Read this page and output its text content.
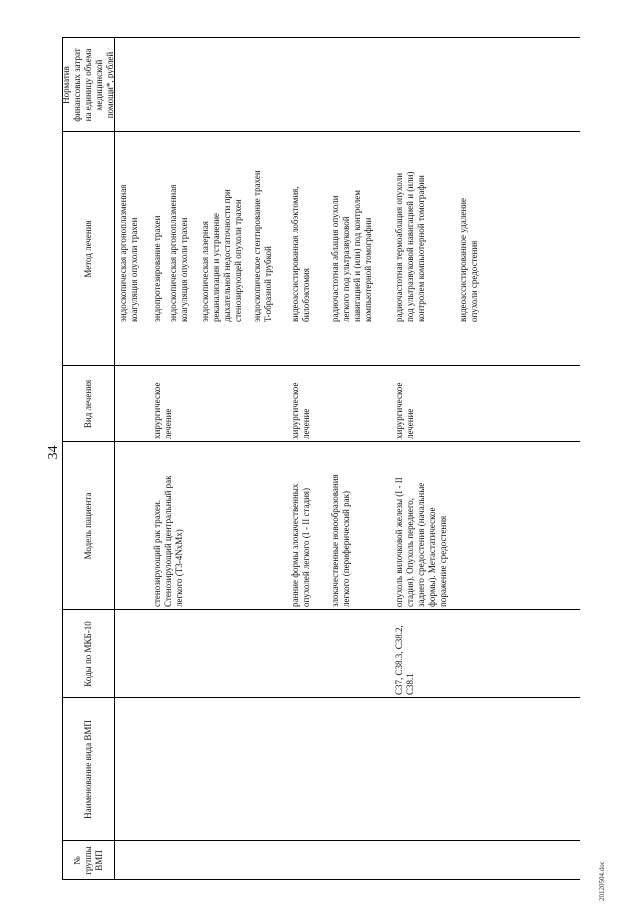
34
№
группы
ВМП
Наименование вида ВМП
Коды по МКБ-10
Модель пациента
Вид лечения
Метод лечения
Норматив
финансовых затрат
на единицу объема
медицинской
помощи*, рублей
ʼ
эндоскопическая аргоноплазменная
коагуляция опухоли трахеи
стенозирующий рак трахеи.
Стенозирующий центральный рак
легкого (T3-4NxMx)
хирургическое
лечение
эндопротезирование трахеи эндоскопическая аргоноплазменная
коагуляция опухоли трахеи
эндоскопическая лазерная
реканализация и устранение
дыхательной недостаточности при
стенозирующей опухоли трахеи
эндоскопическое стентирование трахеи
T-образной трубкой
ранние формы злокачественных
опухолей легкого (I - II стадия)
хирургическое
лечение
видеоассистированная лобэктомия,
билобэктомия
злокачественные новообразования
легкого (периферический рак)
радиочастотная аблация опухоли
легкого под ультразвуковой
навигацией и (или) под контролем
компьютерной томографии
C37, C38.3, C38.2,
C38.1
опухоль вилочковой железы (I - II
стадия). Опухоль переднего,
заднего средостения (начальные
формы). Метастатическое
поражение средостения
хирургическое
лечение
радиочастотная термоаблация опухоли
под ультразвуковой навигацией и (или)
контролем компьютерной томографии
видеоассистированное удаление
опухоли средостения
20120504.doc
